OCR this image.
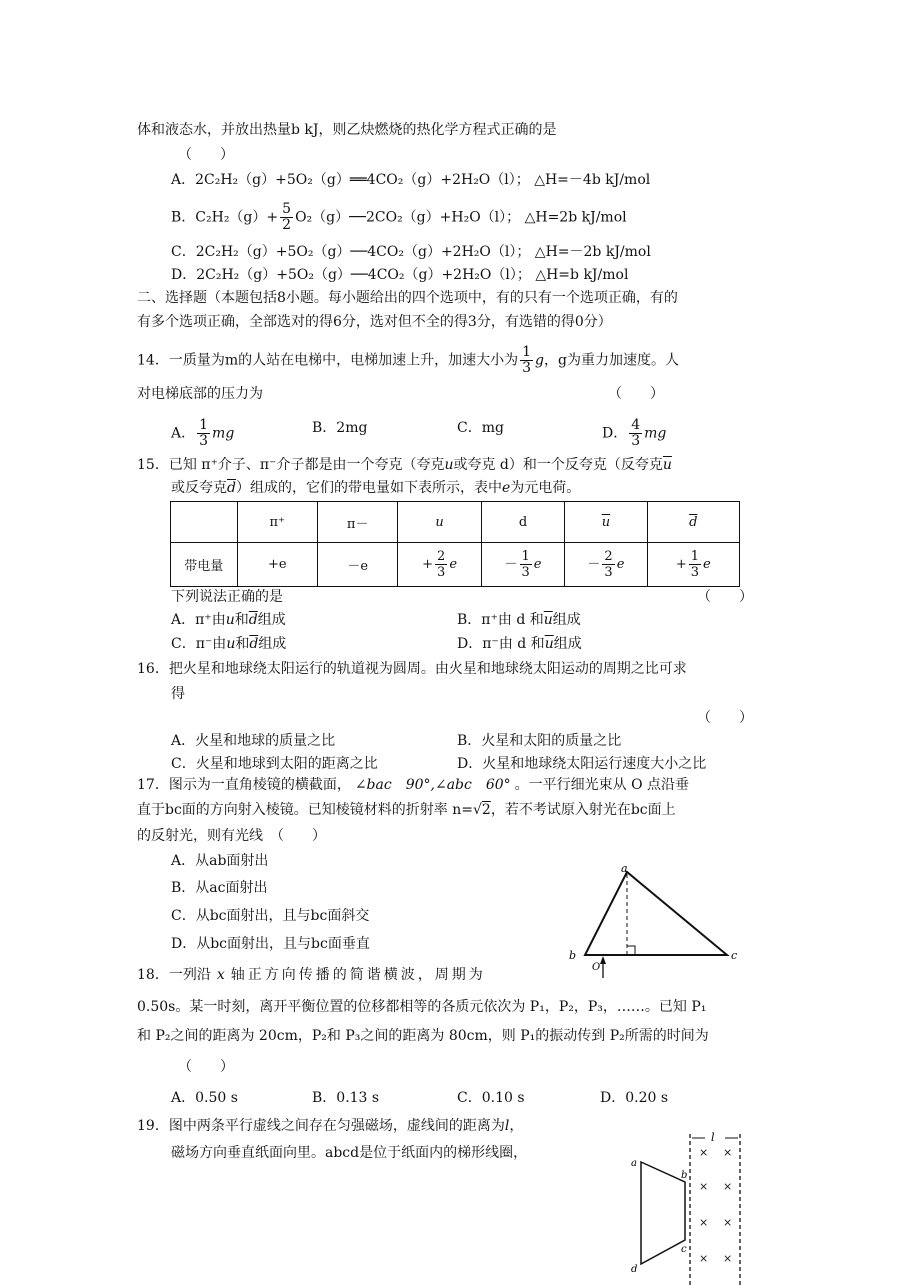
体和液态水，并放出热量b kJ，则乙炔燃烧的热化学方程式正确的是
（　　）
A．2C₂H₂（g）+5O₂（g）══4CO₂（g）+2H₂O（l）； △H=－4b kJ/mol
B．$C_2H_2(g)+ \frac{5}{2}$ O₂（g）──2CO₂（g）+H₂O（l）； △H=2b kJ/mol
C．2C₂H₂（g）+5O₂（g）──4CO₂（g）+2H₂O（l）； △H=－2b kJ/mol
D．2C₂H₂（g）+5O₂（g）──4CO₂（g）+2H₂O（l）； △H=b kJ/mol
二、选择题（本题包括8小题。每小题给出的四个选项中，有的只有一个选项正确，有的
有多个选项正确，全部选对的得6分，选对但不全的得3分，有选错的得0分）
14．一质量为m的人站在电梯中，电梯加速上升，加速大小为 $\frac{1}{3}$ g，g为重力加速度。人
对电梯底部的压力为	（　　）
A． $\frac{1}{3}$ mg	B．2mg	C．mg	D． $\frac{4}{3}$ mg
15．已知 π⁺介子、π⁻介子都是由一个夸克（夸克u或夸克 d）和一个反夸克（反夸克$\overline{u}$
或反夸克$\overline{d}$）组成的，它们的带电量如下表所示，表中e为元电荷。
	π⁺	π－	u	d	$\overline{u}$	$\overline{d}$
带电量	+e	－e	+ $\frac{2}{3}$ e	－ $\frac{1}{3}$ e	－ $\frac{2}{3}$ e	+ $\frac{1}{3}$ e
下列说法正确的是	（　　）
A．π⁺由u和$\overline{d}$组成	B．π⁺由 d 和$\overline{u}$组成
C．π⁻由u和$\overline{d}$组成	D．π⁻由 d 和$\overline{u}$组成
16．把火星和地球绕太阳运行的轨道视为圆周。由火星和地球绕太阳运动的周期之比可求
得
（　　）
A．火星和地球的质量之比	B．火星和太阳的质量之比
C．火星和地球到太阳的距离之比	D．火星和地球绕太阳运行速度大小之比
17．图示为一直角棱镜的横截面， ∠bac　90°,∠abc　60° 。一平行细光束从 O 点沿垂
直于bc面的方向射入棱镜。已知棱镜材料的折射率 n=√2，若不考试原入射光在bc面上
的反射光，则有光线　（　　）
A．从ab面射出
B．从ac面射出
C．从bc面射出，且与bc面斜交
D．从bc面射出，且与bc面垂直
a
b	c
O
18．一列沿 x 轴正方向传播的简谐横波，周期为
0.50s。某一时刻，离开平衡位置的位移都相等的各质元依次为 P₁，P₂，P₃，……。已知 P₁
和 P₂之间的距离为 20cm，P₂和 P₃之间的距离为 80cm，则 P₁的振动传到 P₂所需的时间为
（　　）
A．0.50 s	B．0.13 s	C．0.10 s	D．0.20 s
19．图中两条平行虚线之间存在匀强磁场，虚线间的距离为l，
磁场方向垂直纸面向里。abcd是位于纸面内的梯形线圈，
l
a
b
c
d
× ×
× ×
× ×
× ×
